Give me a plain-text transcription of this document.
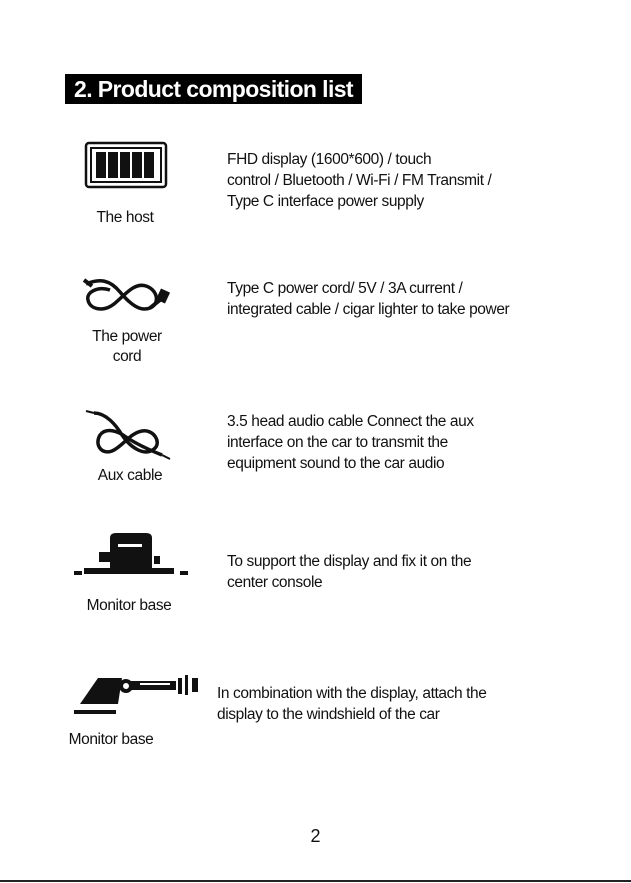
2. Product composition list
The host
FHD display (1600*600) / touch
control / Bluetooth / Wi-Fi / FM Transmit /
Type C interface power supply
The power
cord
Type C power cord/ 5V / 3A current /
integrated cable / cigar lighter to take power
Aux cable
3.5 head audio cable Connect the aux
interface on the car to transmit the
equipment sound to the car audio
Monitor base
To support the display and fix it on the
center console
Monitor base
In combination with the display, attach the
display to the windshield of the car
2
